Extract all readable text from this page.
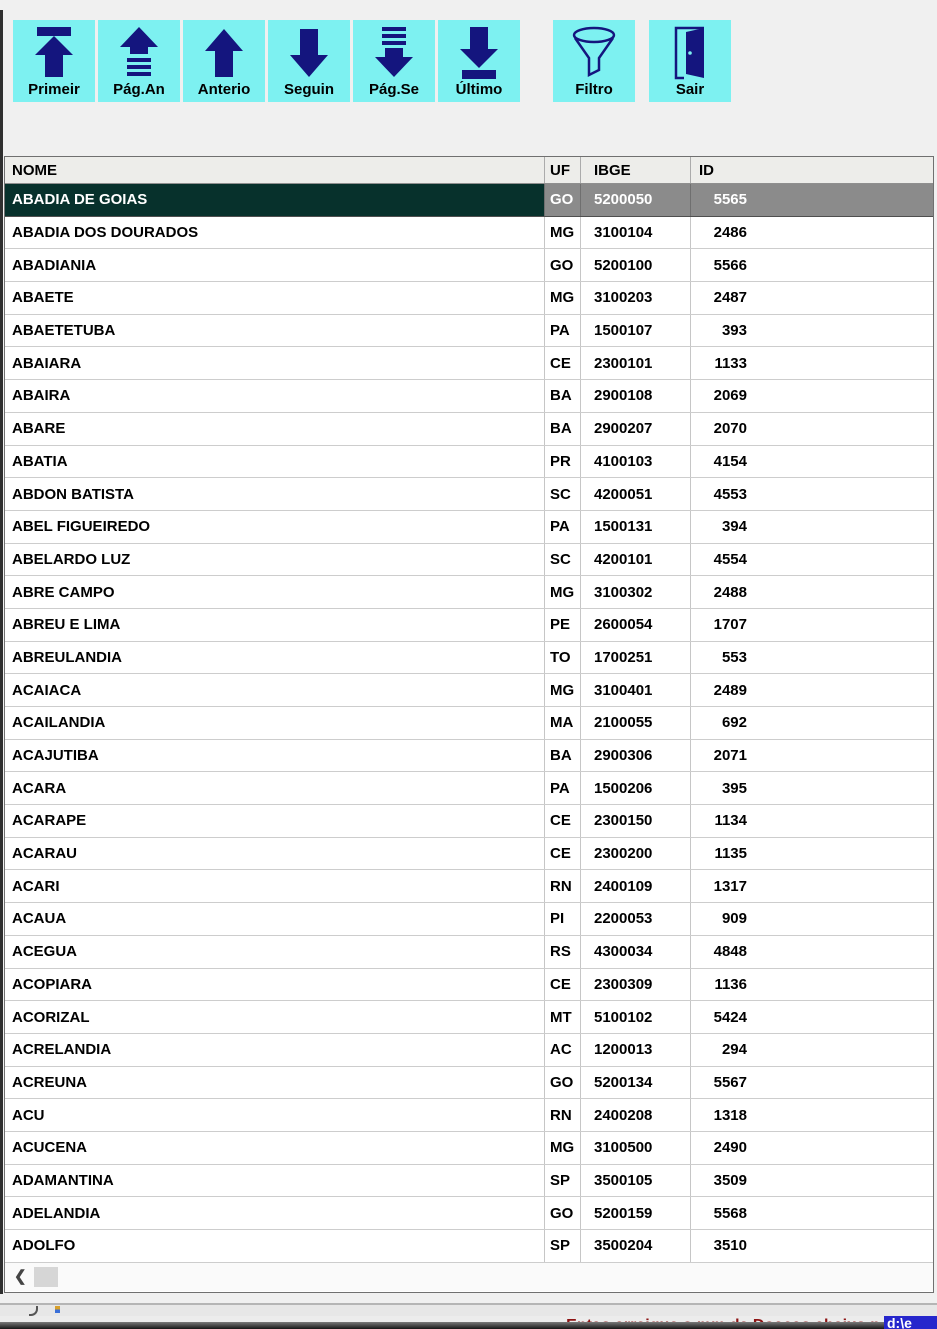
Primeir Pág.An Anterio Seguin Pág.Se Último	Filtro	Sair
NOME	UF	IBGE	ID
ABADIA DE GOIAS	GO	5200050	5565
ABADIA DOS DOURADOS	MG	3100104	2486
ABADIANIA	GO	5200100	5566
ABAETE	MG	3100203	2487
ABAETETUBA	PA	1500107	393
ABAIARA	CE	2300101	1133
ABAIRA	BA	2900108	2069
ABARE	BA	2900207	2070
ABATIA	PR	4100103	4154
ABDON BATISTA	SC	4200051	4553
ABEL FIGUEIREDO	PA	1500131	394
ABELARDO LUZ	SC	4200101	4554
ABRE CAMPO	MG	3100302	2488
ABREU E LIMA	PE	2600054	1707
ABREULANDIA	TO	1700251	553
ACAIACA	MG	3100401	2489
ACAILANDIA	MA	2100055	692
ACAJUTIBA	BA	2900306	2071
ACARA	PA	1500206	395
ACARAPE	CE	2300150	1134
ACARAU	CE	2300200	1135
ACARI	RN	2400109	1317
ACAUA	PI	2200053	909
ACEGUA	RS	4300034	4848
ACOPIARA	CE	2300309	1136
ACORIZAL	MT	5100102	5424
ACRELANDIA	AC	1200013	294
ACREUNA	GO	5200134	5567
ACU	RN	2400208	1318
ACUCENA	MG	3100500	2490
ADAMANTINA	SP	3500105	3509
ADELANDIA	GO	5200159	5568
ADOLFO	SP	3500204	3510
❮
d:\e
